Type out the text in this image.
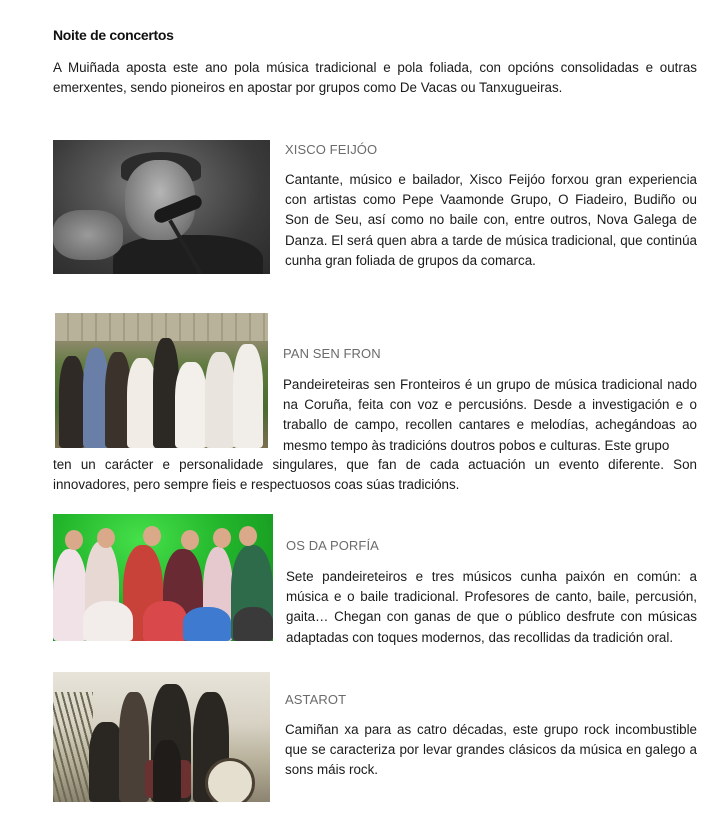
Noite de concertos
A Muiñada aposta este ano pola música tradicional e pola foliada, con opcións consolidadas e outras emerxentes, sendo pioneiros en apostar por grupos como De Vacas ou Tanxugueiras.
XISCO FEIJÓO
Cantante, músico e bailador, Xisco Feijóo forxou gran experiencia con artistas como Pepe Vaamonde Grupo, O Fiadeiro, Budiño ou Son de Seu, así como no baile con, entre outros, Nova Galega de Danza. El será quen abra a tarde de música tradicional, que continúa cunha gran foliada de grupos da comarca.
PAN SEN FRON
Pandeireteiras sen Fronteiros é un grupo de música tradicional nado na Coruña, feita con voz e percusións. Desde a investigación e o traballo de campo, recollen cantares e melodías, achegándoas ao mesmo tempo às tradicións doutros pobos e culturas. Este grupo
ten un carácter e personalidade singulares, que fan de cada actuación un evento diferente. Son innovadores, pero sempre fieis e respectuosos coas súas tradicións.
OS DA PORFÍA
Sete pandeireteiros e tres músicos cunha paixón en común: a música e o baile tradicional. Profesores de canto, baile, percusión, gaita… Chegan con ganas de que o público desfrute con músicas adaptadas con toques modernos, das recollidas da tradición oral.
ASTAROT
Camiñan xa para as catro décadas, este grupo rock incombustible que se caracteriza por levar grandes clásicos da música en galego a sons máis rock.
